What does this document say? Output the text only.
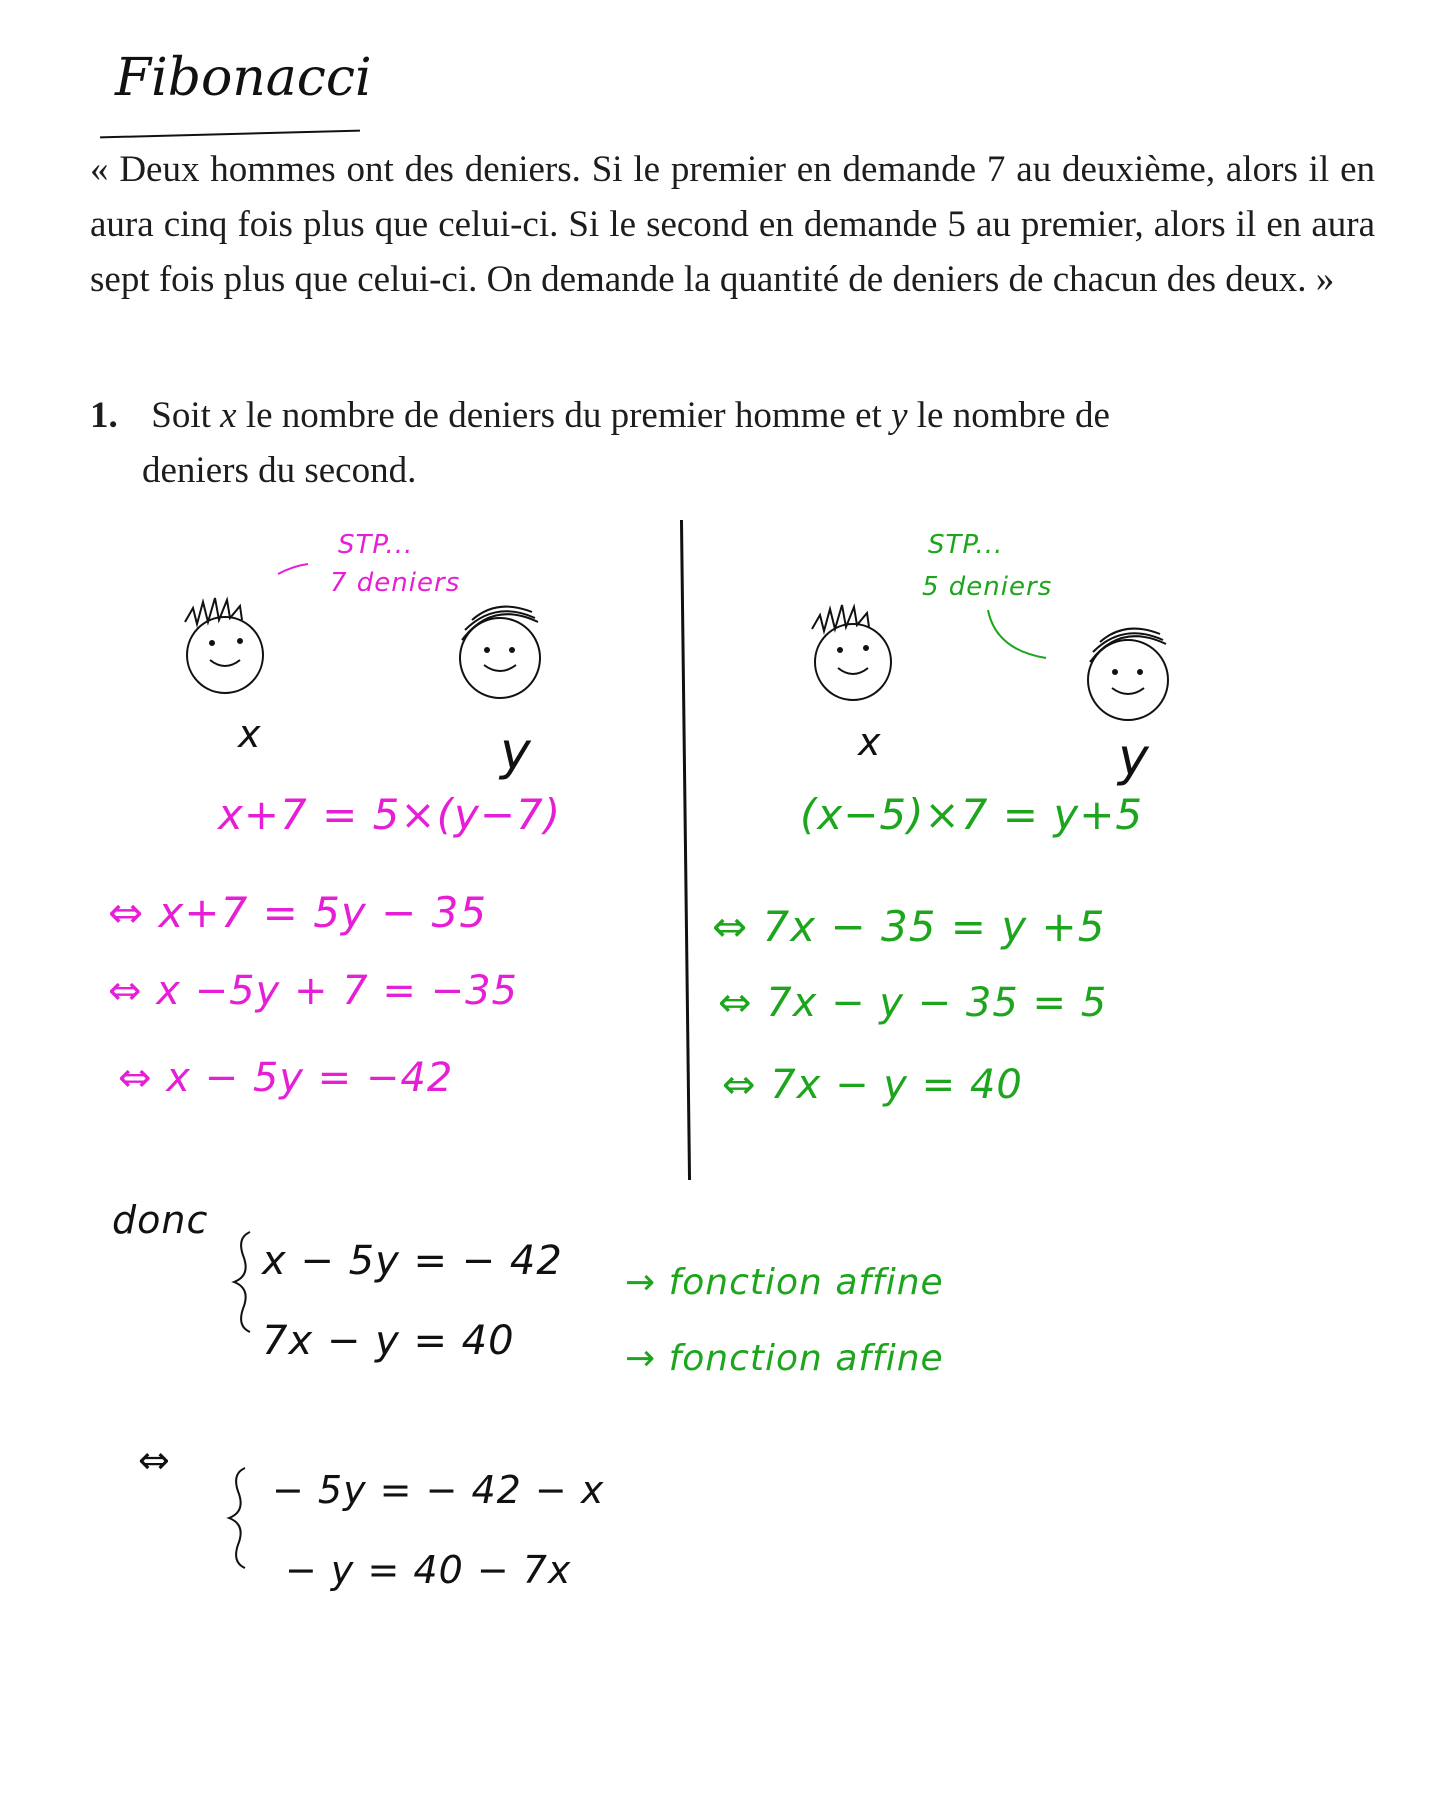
Fibonacci
« Deux hommes ont des deniers. Si le premier en demande 7 au deuxième, alors il en aura cinq fois plus que celui-ci. Si le second en demande 5 au premier, alors il en aura sept fois plus que celui-ci. On demande la quantité de deniers de chacun des deux. »
1. Soit x le nombre de deniers du premier homme et y le nombre de
deniers du second.
STP...
7 deniers
x	y
x+7 = 5×(y−7)
⇔ x+7 = 5y − 35
⇔ x −5y + 7 = −35
⇔ x − 5y = −42
STP...
5 deniers
x	y
(x−5)×7 = y+5
⇔ 7x − 35 = y +5
⇔ 7x − y − 35 = 5
⇔ 7x − y = 40
donc
x − 5y = − 42
7x − y = 40
→ fonction affine
→ fonction affine
⇔
− 5y = − 42 − x
− y = 40 − 7x
